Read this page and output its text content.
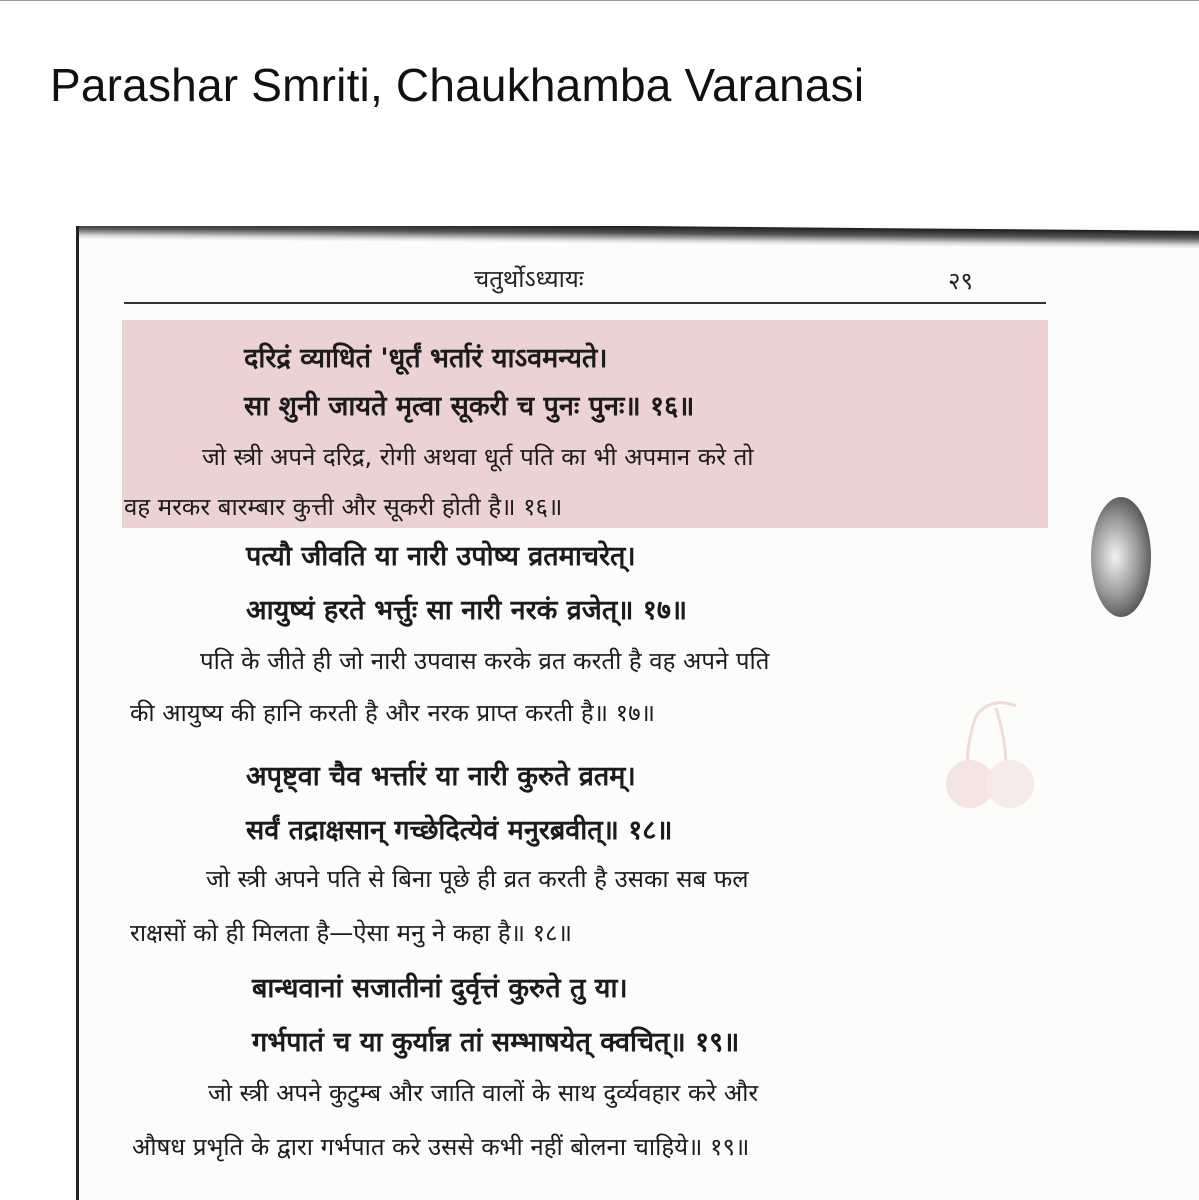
Parashar Smriti, Chaukhamba Varanasi
चतुर्थोऽध्यायः	२९
दरिद्रं व्याधितं 'धूर्तं भर्तारं याऽवमन्यते।
सा शुनी जायते मृत्वा सूकरी च पुनः पुनः॥ १६॥
जो स्त्री अपने दरिद्र, रोगी अथवा धूर्त पति का भी अपमान करे तो
वह मरकर बारम्बार कुत्ती और सूकरी होती है॥ १६॥
पत्यौ जीवति या नारी उपोष्य व्रतमाचरेत्।
आयुष्यं हरते भर्त्तुः सा नारी नरकं व्रजेत्॥ १७॥
पति के जीते ही जो नारी उपवास करके व्रत करती है वह अपने पति
की आयुष्य की हानि करती है और नरक प्राप्त करती है॥ १७॥
अपृष्ट्वा चैव भर्त्तारं या नारी कुरुते व्रतम्।
सर्वं तद्राक्षसान् गच्छेदित्येवं मनुरब्रवीत्॥ १८॥
जो स्त्री अपने पति से बिना पूछे ही व्रत करती है उसका सब फल
राक्षसों को ही मिलता है—ऐसा मनु ने कहा है॥ १८॥
बान्धवानां सजातीनां दुर्वृत्तं कुरुते तु या।
गर्भपातं च या कुर्यान्न तां सम्भाषयेत् क्वचित्॥ १९॥
जो स्त्री अपने कुटुम्ब और जाति वालों के साथ दुर्व्यवहार करे और
औषध प्रभृति के द्वारा गर्भपात करे उससे कभी नहीं बोलना चाहिये॥ १९॥
